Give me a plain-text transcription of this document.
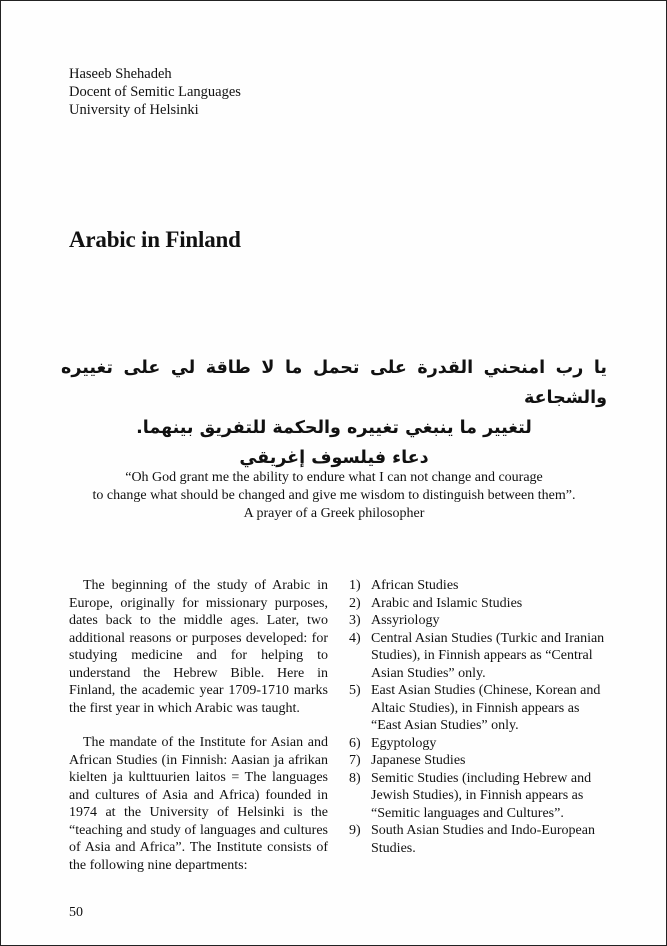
Haseeb Shehadeh
Docent of Semitic Languages
University of Helsinki
Arabic in Finland
يا رب امنحني القدرة على تحمل ما لا طاقة لي على تغييره والشجاعة
لتغيير ما ينبغي تغييره والحكمة للتفريق بينهما.
دعاء فيلسوف إغريقي
“Oh God grant me the ability to endure what I can not change and courage
to change what should be changed and give me wisdom to distinguish between them”.
A prayer of a Greek philosopher

The beginning of the study of Arabic in Europe, originally for missionary purposes, dates back to the middle ages. Later, two additional reasons or purposes developed: for studying medicine and for helping to understand the Hebrew Bible. Here in Finland, the academic year 1709-1710 marks the first year in which Arabic was taught.

The mandate of the Institute for Asian and African Studies (in Finnish: Aasian ja afrikan kielten ja kulttuurien laitos = The languages and cultures of Asia and Africa) founded in 1974 at the University of Helsinki is the “teaching and study of languages and cultures of Asia and Africa”. The Institute consists of the following nine departments:

1) African Studies
2) Arabic and Islamic Studies
3) Assyriology
4) Central Asian Studies (Turkic and Iranian Studies), in Finnish appears as “Central Asian Studies” only.
5) East Asian Studies (Chinese, Korean and Altaic Studies), in Finnish appears as “East Asian Studies” only.
6) Egyptology
7) Japanese Studies
8) Semitic Studies (including Hebrew and Jewish Studies), in Finnish appears as “Semitic languages and Cultures”.
9) South Asian Studies and Indo-European Studies.
50
